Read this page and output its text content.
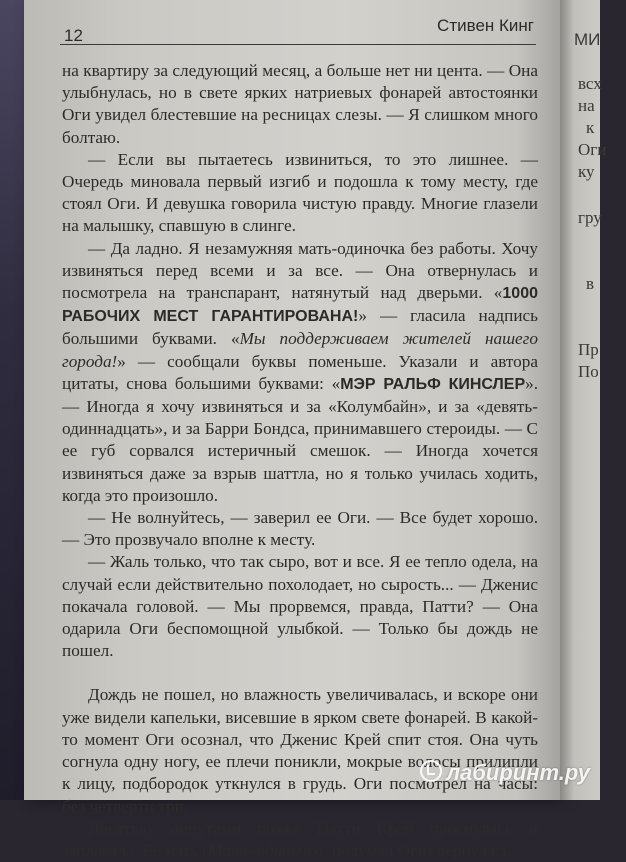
12
Стивен Кинг

на квартиру за следующий месяц, а больше нет ни цента. — Она улыбнулась, но в свете ярких натриевых фонарей автостоянки Оги увидел блестевшие на ресницах слезы. — Я слишком много болтаю.

— Если вы пытаетесь извиниться, то это лишнее. — Очередь миновала первый изгиб и подошла к тому месту, где стоял Оги. И девушка говорила чистую правду. Многие глазели на малышку, спавшую в слинге.

— Да ладно. Я незамужняя мать-одиночка без работы. Хочу извиняться перед всеми и за все. — Она отвернулась и посмотрела на транспарант, натянутый над дверьми. «1000 РАБОЧИХ МЕСТ ГАРАНТИРОВАНА!» — гласила надпись большими буквами. «Мы поддерживаем жителей нашего города!» — сообщали буквы поменьше. Указали и автора цитаты, снова большими буквами: «МЭР РАЛЬФ КИНСЛЕР». — Иногда я хочу извиняться и за «Колумбайн», и за «девять-одиннадцать», и за Барри Бондса, принимавшего стероиды. — С ее губ сорвался истеричный смешок. — Иногда хочется извиняться даже за взрыв шаттла, но я только училась ходить, когда это произошло.

— Не волнуйтесь, — заверил ее Оги. — Все будет хорошо. — Это прозвучало вполне к месту.

— Жаль только, что так сыро, вот и все. Я ее тепло одела, на случай если действительно похолодает, но сырость... — Дженис покачала головой. — Мы прорвемся, правда, Патти? — Она одарила Оги беспомощной улыбкой. — Только бы дождь не пошел.

Дождь не пошел, но влажность увеличивалась, и вскоре они уже видели капельки, висевшие в ярком свете фонарей. В какой-то момент Оги осознал, что Дженис Крей спит стоя. Она чуть согнула одну ногу, ее плечи поникли, мокрые волосы прилипли к лицу, подбородок уткнулся в грудь. Оги посмотрел на часы: без четверти три.

Десятью минутами позже Патти Крей проснулась и заплакала. Ее мать (Мать-одиночка, подумал Оги) дернулась,

МИ
всх
на
к
Оги
ку
гру
в
Пр
По
лабиринт.ру
